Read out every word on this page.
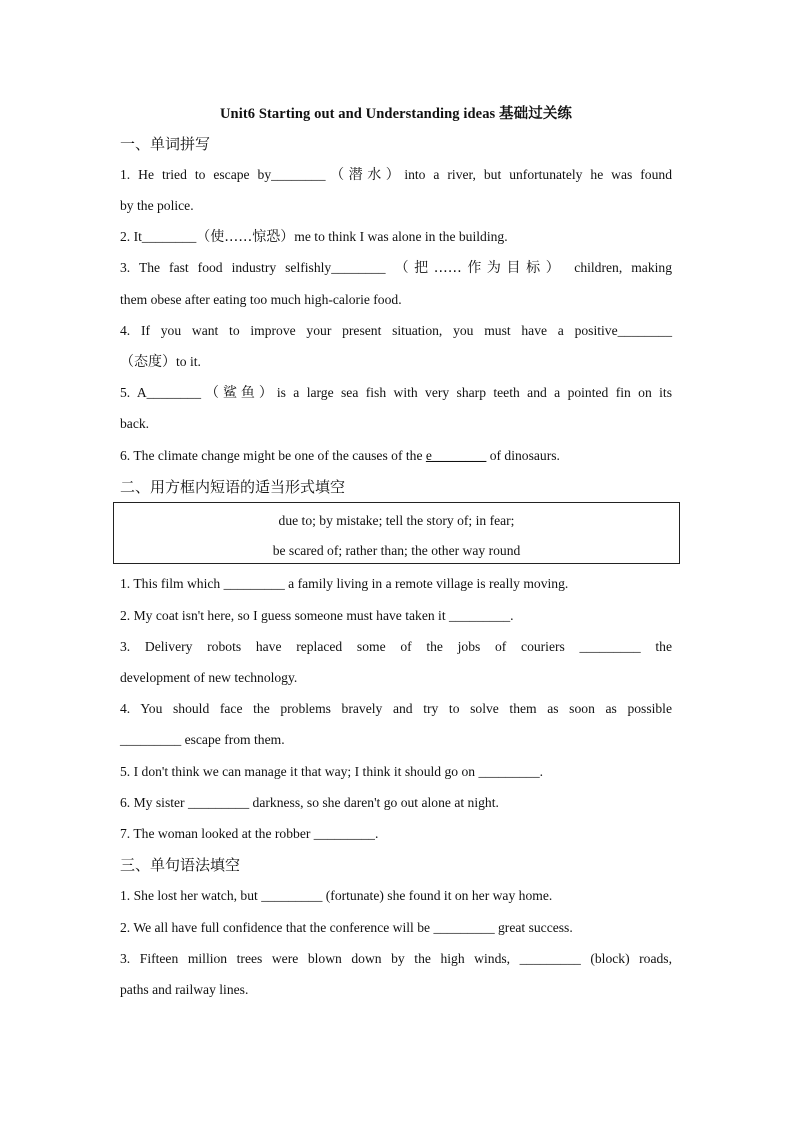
Unit6 Starting out and Understanding ideas 基础过关练
一、单词拼写
1. He tried to escape by________（潜水）into a river, but unfortunately he was found
by the police.
2. It________（使……惊恐）me to think I was alone in the building.
3. The fast food industry selfishly________ （把……作为目标） children, making
them obese after eating too much high-calorie food.
4. If you want to improve your present situation, you must have a positive________
（态度）to it.
5. A________（鲨鱼）is a large sea fish with very sharp teeth and a pointed fin on its
back.
6. The climate change might be one of the causes of the e________ of dinosaurs.
二、用方框内短语的适当形式填空
due to; by mistake; tell the story of; in fear;
be scared of; rather than; the other way round
1. This film which _________ a family living in a remote village is really moving.
2. My coat isn't here, so I guess someone must have taken it _________.
3. Delivery robots have replaced some of the jobs of couriers _________ the
development of new technology.
4. You should face the problems bravely and try to solve them as soon as possible
_________ escape from them.
5. I don't think we can manage it that way; I think it should go on _________.
6. My sister _________ darkness, so she daren't go out alone at night.
7. The woman looked at the robber _________.
三、单句语法填空
1. She lost her watch, but _________ (fortunate) she found it on her way home.
2. We all have full confidence that the conference will be _________ great success.
3. Fifteen million trees were blown down by the high winds, _________ (block) roads,
paths and railway lines.
